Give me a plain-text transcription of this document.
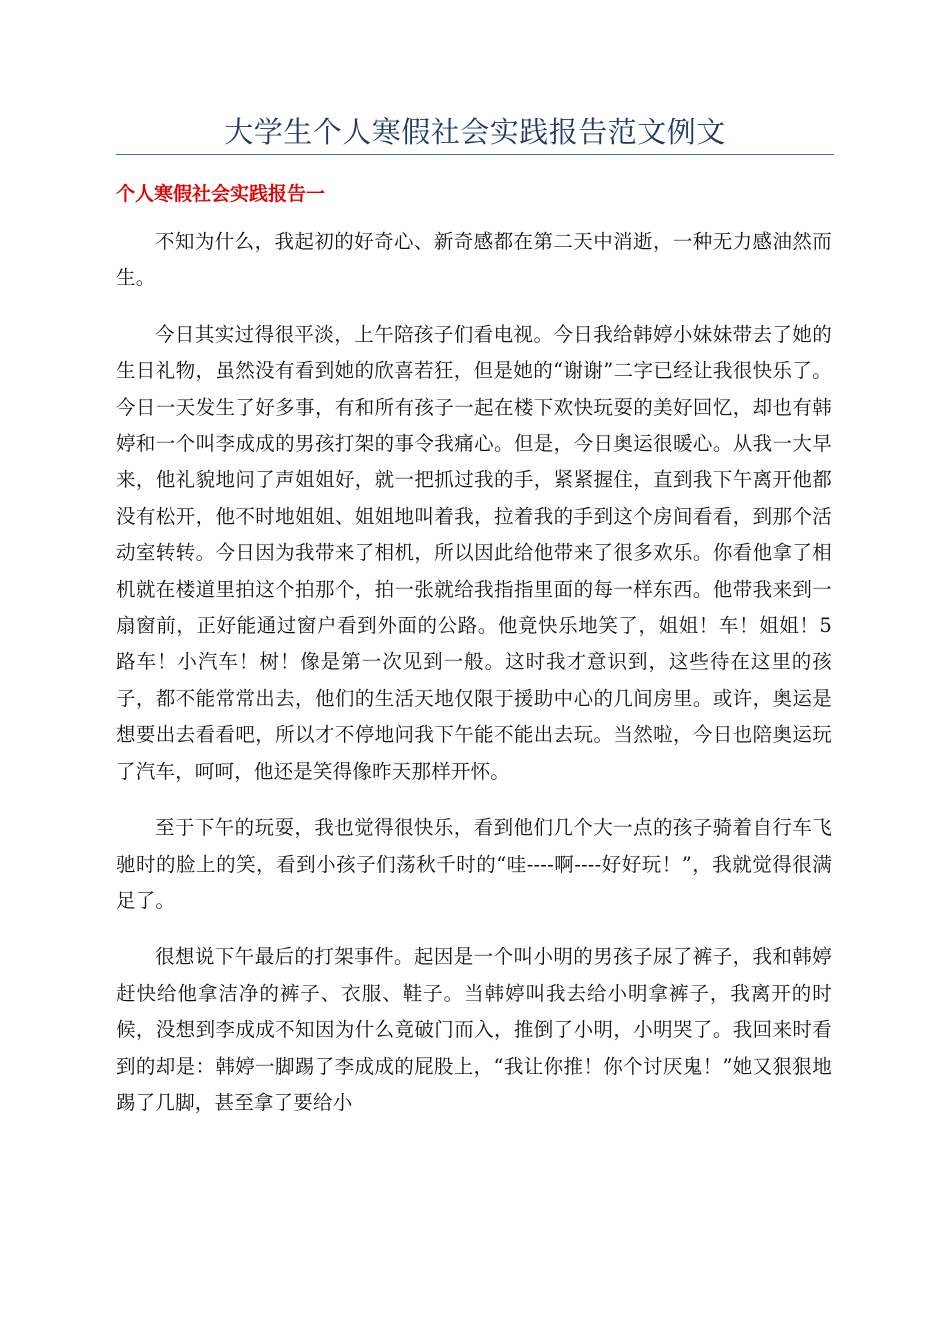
大学生个人寒假社会实践报告范文例文
个人寒假社会实践报告一

不知为什么，我起初的好奇心、新奇感都在第二天中消逝，一种无力感油然而生。

今日其实过得很平淡，上午陪孩子们看电视。今日我给韩婷小妹妹带去了她的生日礼物，虽然没有看到她的欣喜若狂，但是她的“谢谢”二字已经让我很快乐了。今日一天发生了好多事，有和所有孩子一起在楼下欢快玩耍的美好回忆，却也有韩婷和一个叫李成成的男孩打架的事令我痛心。但是，今日奥运很暖心。从我一大早来，他礼貌地问了声姐姐好，就一把抓过我的手，紧紧握住，直到我下午离开他都没有松开，他不时地姐姐、姐姐地叫着我，拉着我的手到这个房间看看，到那个活动室转转。今日因为我带来了相机，所以因此给他带来了很多欢乐。你看他拿了相机就在楼道里拍这个拍那个，拍一张就给我指指里面的每一样东西。他带我来到一扇窗前，正好能通过窗户看到外面的公路。他竟快乐地笑了，姐姐！车！姐姐！5路车！小汽车！树！像是第一次见到一般。这时我才意识到，这些待在这里的孩子，都不能常常出去，他们的生活天地仅限于援助中心的几间房里。或许，奥运是想要出去看看吧，所以才不停地问我下午能不能出去玩。当然啦，今日也陪奥运玩了汽车，呵呵，他还是笑得像昨天那样开怀。

至于下午的玩耍，我也觉得很快乐，看到他们几个大一点的孩子骑着自行车飞驰时的脸上的笑，看到小孩子们荡秋千时的“哇----啊----好好玩！”，我就觉得很满足了。

很想说下午最后的打架事件。起因是一个叫小明的男孩子尿了裤子，我和韩婷赶快给他拿洁净的裤子、衣服、鞋子。当韩婷叫我去给小明拿裤子，我离开的时候，没想到李成成不知因为什么竟破门而入，推倒了小明，小明哭了。我回来时看到的却是：韩婷一脚踢了李成成的屁股上，“我让你推！你个讨厌鬼！”她又狠狠地踢了几脚，甚至拿了要给小
